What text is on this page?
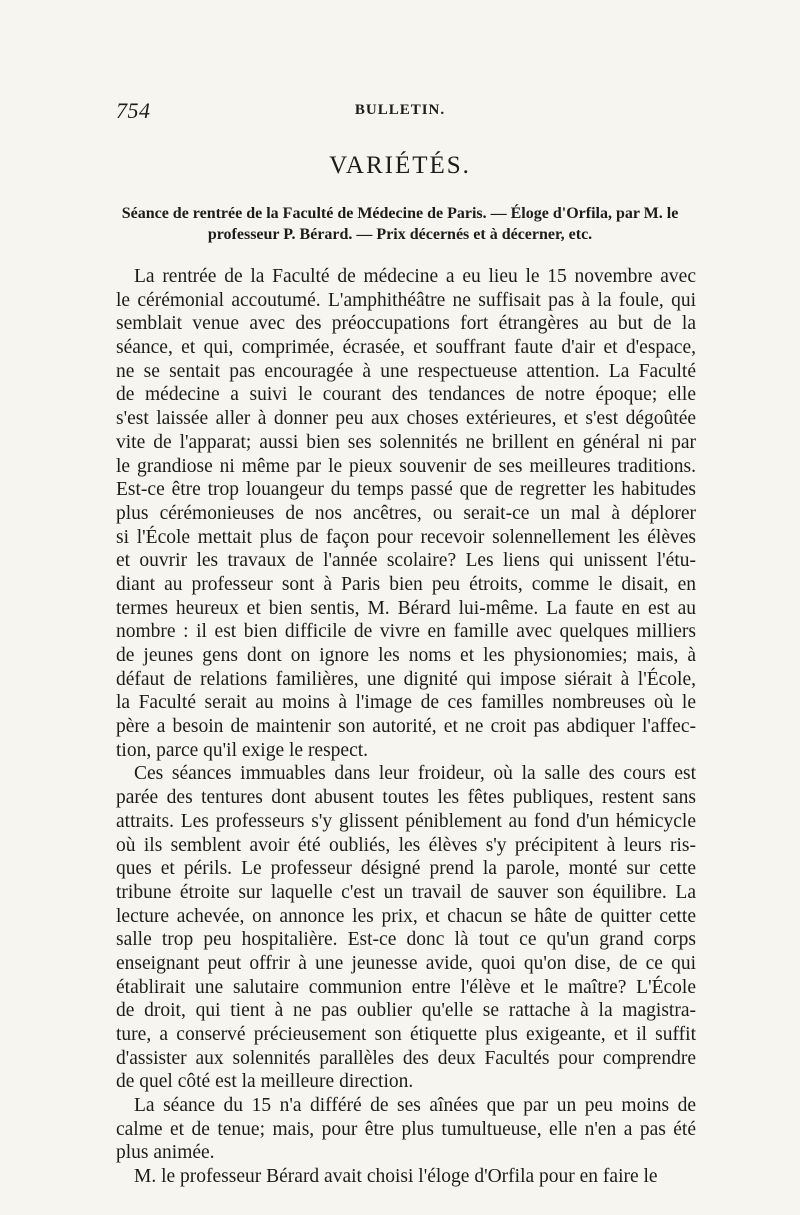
754	BULLETIN.
VARIÉTÉS.
Séance de rentrée de la Faculté de Médecine de Paris. — Éloge d'Orfila, par M. le
professeur P. Bérard. — Prix décernés et à décerner, etc.
La rentrée de la Faculté de médecine a eu lieu le 15 novembre avec
le cérémonial accoutumé. L'amphithéâtre ne suffisait pas à la foule, qui
semblait venue avec des préoccupations fort étrangères au but de la
séance, et qui, comprimée, écrasée, et souffrant faute d'air et d'espace,
ne se sentait pas encouragée à une respectueuse attention. La Faculté
de médecine a suivi le courant des tendances de notre époque; elle
s'est laissée aller à donner peu aux choses extérieures, et s'est dégoûtée
vite de l'apparat; aussi bien ses solennités ne brillent en général ni par
le grandiose ni même par le pieux souvenir de ses meilleures traditions.
Est-ce être trop louangeur du temps passé que de regretter les habitudes
plus cérémonieuses de nos ancêtres, ou serait-ce un mal à déplorer
si l'École mettait plus de façon pour recevoir solennellement les élèves
et ouvrir les travaux de l'année scolaire? Les liens qui unissent l'étu-
diant au professeur sont à Paris bien peu étroits, comme le disait, en
termes heureux et bien sentis, M. Bérard lui-même. La faute en est au
nombre : il est bien difficile de vivre en famille avec quelques milliers
de jeunes gens dont on ignore les noms et les physionomies; mais, à
défaut de relations familières, une dignité qui impose siérait à l'École,
la Faculté serait au moins à l'image de ces familles nombreuses où le
père a besoin de maintenir son autorité, et ne croit pas abdiquer l'affec-
tion, parce qu'il exige le respect.
Ces séances immuables dans leur froideur, où la salle des cours est
parée des tentures dont abusent toutes les fêtes publiques, restent sans
attraits. Les professeurs s'y glissent péniblement au fond d'un hémicycle
où ils semblent avoir été oubliés, les élèves s'y précipitent à leurs ris-
ques et périls. Le professeur désigné prend la parole, monté sur cette
tribune étroite sur laquelle c'est un travail de sauver son équilibre. La
lecture achevée, on annonce les prix, et chacun se hâte de quitter cette
salle trop peu hospitalière. Est-ce donc là tout ce qu'un grand corps
enseignant peut offrir à une jeunesse avide, quoi qu'on dise, de ce qui
établirait une salutaire communion entre l'élève et le maître? L'École
de droit, qui tient à ne pas oublier qu'elle se rattache à la magistra-
ture, a conservé précieusement son étiquette plus exigeante, et il suffit
d'assister aux solennités parallèles des deux Facultés pour comprendre
de quel côté est la meilleure direction.
La séance du 15 n'a différé de ses aînées que par un peu moins de
calme et de tenue; mais, pour être plus tumultueuse, elle n'en a pas été
plus animée.
M. le professeur Bérard avait choisi l'éloge d'Orfila pour en faire le
